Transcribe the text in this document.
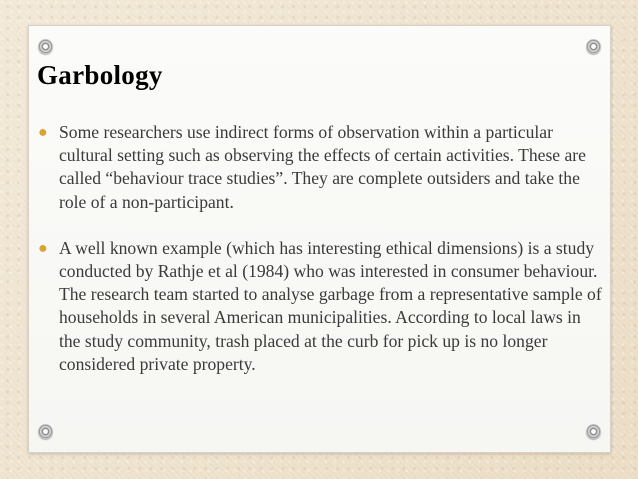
Garbology
● Some researchers use indirect forms of observation within a particular cultural setting such as observing the effects of certain activities. These are called “behaviour trace studies”. They are complete outsiders and take the role of a non-participant.
● A well known example (which has interesting ethical dimensions) is a study conducted by Rathje et al (1984) who was interested in consumer behaviour. The research team started to analyse garbage from a representative sample of households in several American municipalities. According to local laws in the study community, trash placed at the curb for pick up is no longer considered private property.
